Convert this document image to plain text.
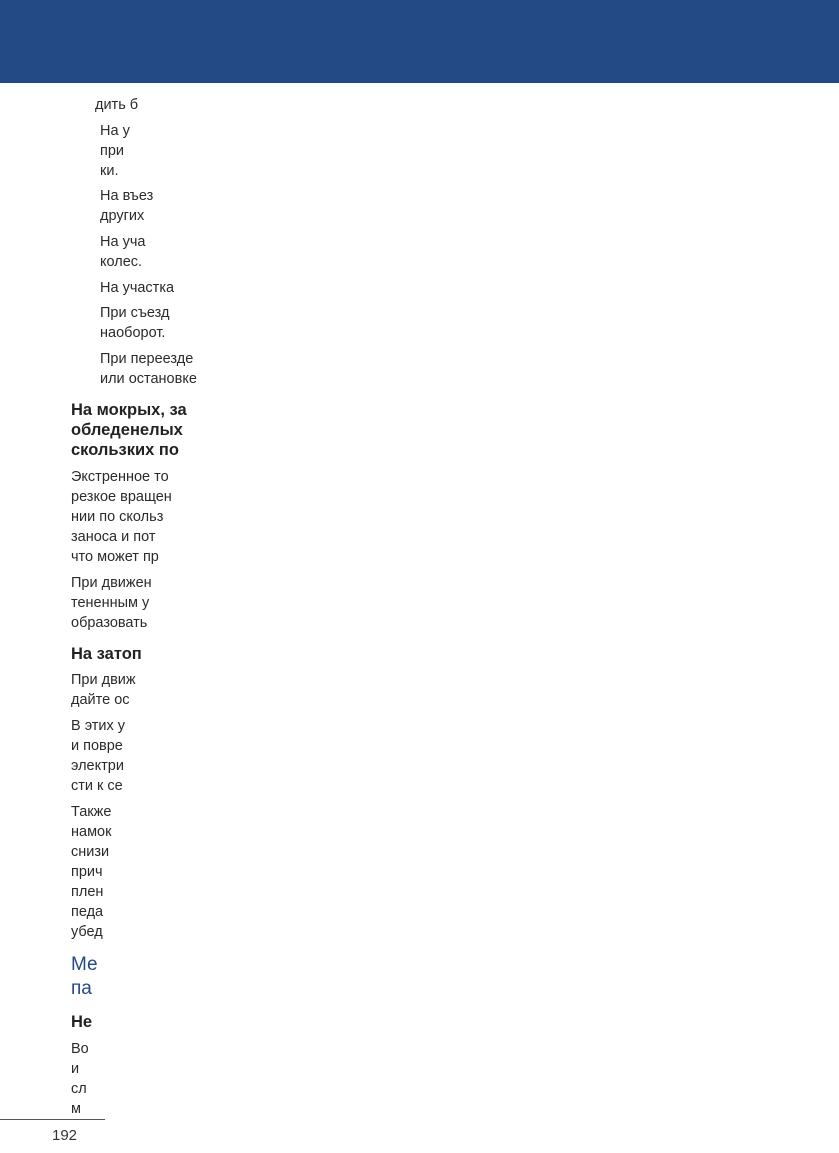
дить б
На у
при
ки.
На въез
других
На уча
колес.
На участка
При съезд
наоборот.
При переезде
или остановке
На мокрых, за
обледенелых
скользких по
Экстренное то
резкое вращен
нии по скольз
заноса и пот
что может пр
При движен
тененным у
образовать
На затоп
При движ
дайте ос
В этих у
и повре
электри
сти к се
Также
намок
снизи
прич
плен
педа
убед
Ме
па
Не
Во
и
сл
м
192
